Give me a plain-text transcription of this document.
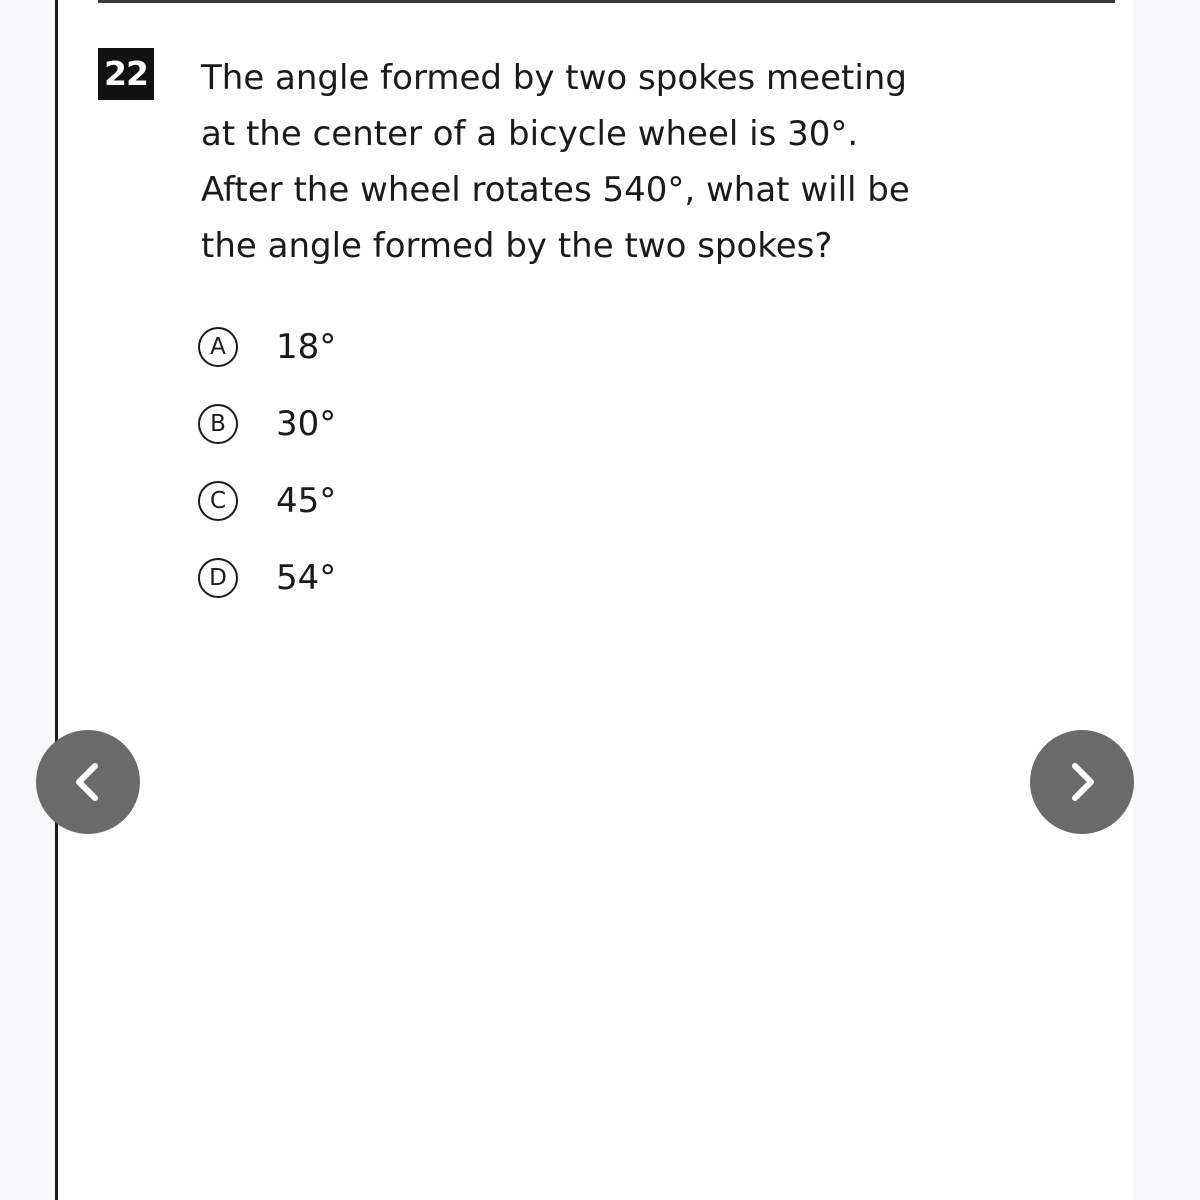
22 The angle formed by two spokes meeting
at the center of a bicycle wheel is 30°.
After the wheel rotates 540°, what will be
the angle formed by the two spokes?

A	18°
B	30°
C	45°
D	54°
